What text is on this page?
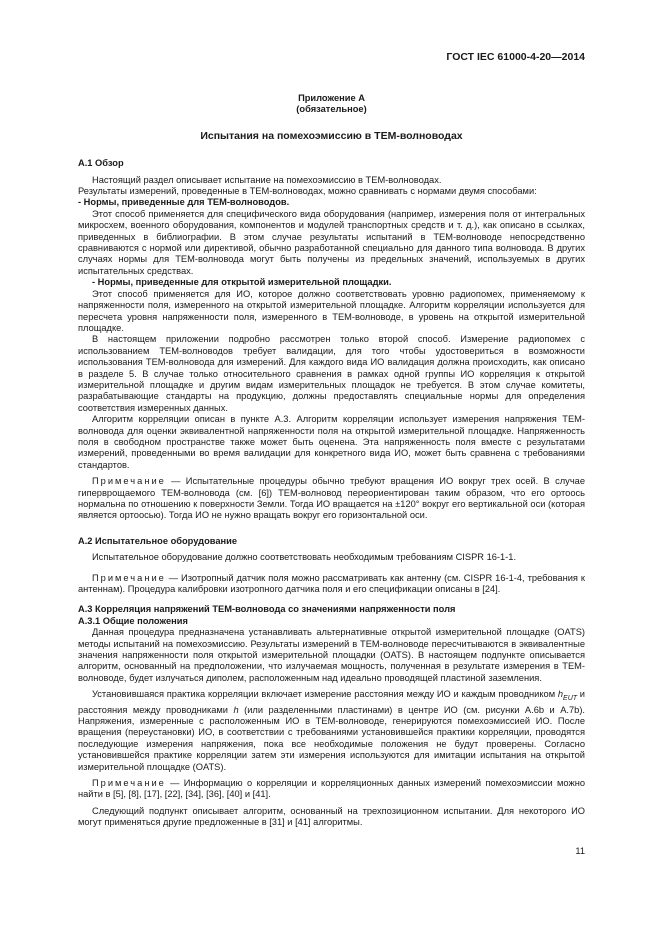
ГОСТ IEC 61000-4-20—2014
Приложение А
(обязательное)
Испытания на помехоэмиссию в ТЕМ-волноводах
А.1 Обзор

Настоящий раздел описывает испытание на помехоэмиссию в ТЕМ-волноводах.

Результаты измерений, проведенные в ТЕМ-волноводах, можно сравнивать с нормами двумя способами:

- Нормы, приведенные для ТЕМ-волноводов.

Этот способ применяется для специфического вида оборудования (например, измерения поля от интегральных микросхем, военного оборудования, компонентов и модулей транспортных средств и т. д.), как описано в ссылках, приведенных в библиографии. В этом случае результаты испытаний в ТЕМ-волноводе непосредственно сравниваются с нормой или директивой, обычно разработанной специально для данного типа волновода. В других случаях нормы для ТЕМ-волновода могут быть получены из предельных значений, используемых в других испытательных средствах.

- Нормы, приведенные для открытой измерительной площадки.

Этот способ применяется для ИО, которое должно соответствовать уровню радиопомех, применяемому к напряженности поля, измеренного на открытой измерительной площадке. Алгоритм корреляции используется для пересчета уровня напряженности поля, измеренного в ТЕМ-волноводе, в уровень на открытой измерительной площадке.

В настоящем приложении подробно рассмотрен только второй способ. Измерение радиопомех с использованием ТЕМ-волноводов требует валидации, для того чтобы удостовериться в возможности использования ТЕМ-волновода для измерений. Для каждого вида ИО валидация должна происходить, как описано в разделе 5. В случае только относительного сравнения в рамках одной группы ИО корреляция к открытой измерительной площадке и другим видам измерительных площадок не требуется. В этом случае комитеты, разрабатывающие стандарты на продукцию, должны предоставлять специальные нормы для определения соответствия измеренных данных.

Алгоритм корреляции описан в пункте А.3. Алгоритм корреляции использует измерения напряжения ТЕМ-волновода для оценки эквивалентной напряженности поля на открытой измерительной площадке. Напряженность поля в свободном пространстве также может быть оценена. Эта напряженность поля вместе с результатами измерений, проведенными во время валидации для конкретного вида ИО, может быть сравнена с требованиями стандартов.

Примечание — Испытательные процедуры обычно требуют вращения ИО вокруг трех осей. В случае гиперврощаемого ТЕМ-волновода (см. [6]) ТЕМ-волновод переориентирован таким образом, что его ортоось нормальна по отношению к поверхности Земли. Тогда ИО вращается на ±120° вокруг его вертикальной оси (которая является ортоосью). Тогда ИО не нужно вращать вокруг его горизонтальной оси.

А.2 Испытательное оборудование

Испытательное оборудование должно соответствовать необходимым требованиям CISPR 16-1-1.

Примечание — Изотропный датчик поля можно рассматривать как антенну (см. CISPR 16-1-4, требования к антеннам). Процедура калибровки изотропного датчика поля и его спецификации описаны в [24].

А.3 Корреляция напряжений ТЕМ-волновода со значениями напряженности поля
А.3.1 Общие положения

Данная процедура предназначена устанавливать альтернативные открытой измерительной площадке (OATS) методы испытаний на помехоэмиссию. Результаты измерений в ТЕМ-волноводе пересчитываются в эквивалентные значения напряженности поля открытой измерительной площадки (OATS). В настоящем подпункте описывается алгоритм, основанный на предположении, что излучаемая мощность, полученная в результате измерения в ТЕМ-волноводе, будет излучаться диполем, расположенным над идеально проводящей пластиной заземления.

Установившаяся практика корреляции включает измерение расстояния между ИО и каждым проводником $h_{EUT}$ и расстояния между проводниками h (или разделенными пластинами) в центре ИО (см. рисунки А.6b и А.7b). Напряжения, измеренные с расположенным ИО в ТЕМ-волноводе, генерируются помехоэмиссией ИО. После вращения (переустановки) ИО, в соответствии с требованиями установившейся практики корреляции, проводятся последующие измерения напряжения, пока все необходимые положения не будут проверены. Согласно установившейся практике корреляции затем эти измерения используются для имитации испытания на открытой измерительной площадке (OATS).

Примечание — Информацию о корреляции и корреляционных данных измерений помехоэмиссии можно найти в [5], [8], [17], [22], [34], [36], [40] и [41].

Следующий подпункт описывает алгоритм, основанный на трехпозиционном испытании. Для некоторого ИО могут применяться другие предложенные в [31] и [41] алгоритмы.

11
